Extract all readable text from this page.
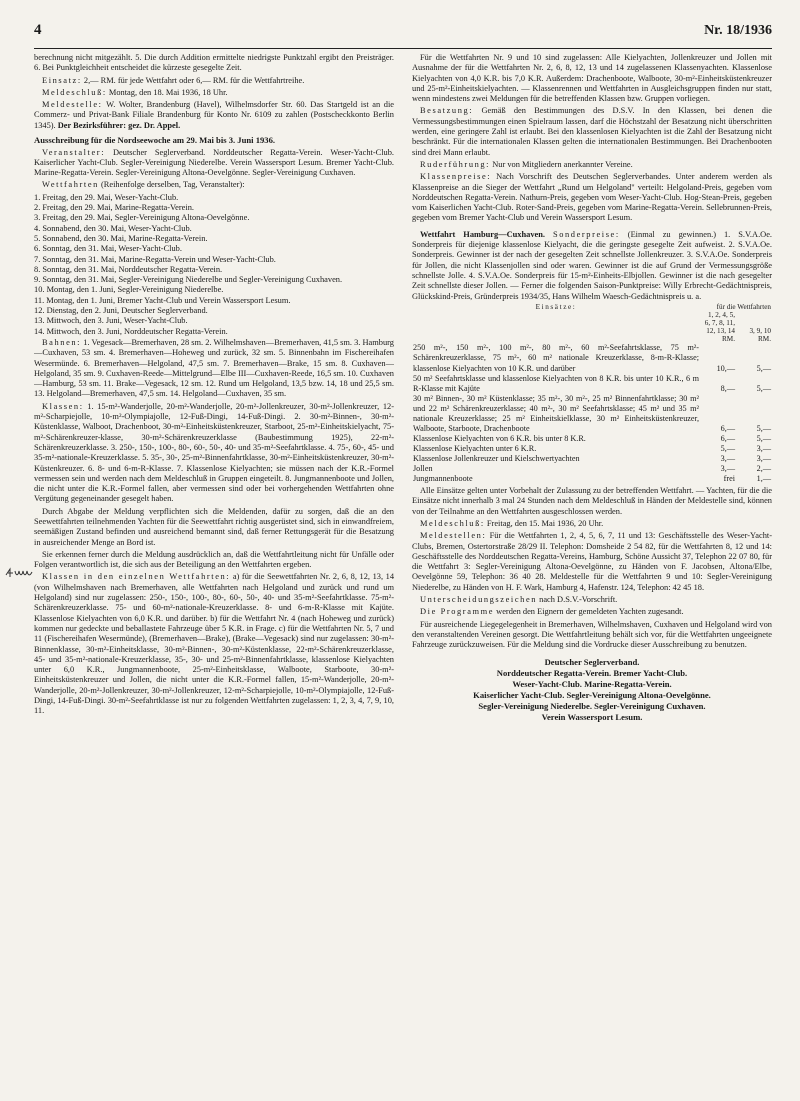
4	Nr. 18/1936

berechnung nicht mitgezählt. 5. Die durch Addition ermittelte niedrigste Punktzahl ergibt den Preisträger. 6. Bei Punktgleichheit entscheidet die kürzeste gesegelte Zeit.

Einsatz: 2,— RM. für jede Wettfahrt oder 6,— RM. für die Wettfahrtreihe.

Meldeschluß: Montag, den 18. Mai 1936, 18 Uhr.

Meldestelle: W. Wolter, Brandenburg (Havel), Wilhelmsdorfer Str. 60. Das Startgeld ist an die Commerz- und Privat-Bank Filiale Brandenburg für Konto Nr. 6109 zu zahlen (Postscheckkonto Berlin 1345). Der Bezirksführer: gez. Dr. Appel.

Ausschreibung für die Nordseewoche am 29. Mai bis 3. Juni 1936.

Veranstalter: Deutscher Seglerverband. Norddeutscher Regatta-Verein. Weser-Yacht-Club. Kaiserlicher Yacht-Club. Segler-Vereinigung Niederelbe. Verein Wassersport Lesum. Bremer Yacht-Club. Marine-Regatta-Verein. Segler-Vereinigung Altona-Oevelgönne. Segler-Vereinigung Cuxhaven.

Wettfahrten (Reihenfolge derselben, Tag, Veranstalter):

1. Freitag, den 29. Mai, Weser-Yacht-Club.
2. Freitag, den 29. Mai, Marine-Regatta-Verein.
3. Freitag, den 29. Mai, Segler-Vereinigung Altona-Oevelgönne.
4. Sonnabend, den 30. Mai, Weser-Yacht-Club.
5. Sonnabend, den 30. Mai, Marine-Regatta-Verein.
6. Sonntag, den 31. Mai, Weser-Yacht-Club.
7. Sonntag, den 31. Mai, Marine-Regatta-Verein und Weser-Yacht-Club.
8. Sonntag, den 31. Mai, Norddeutscher Regatta-Verein.
9. Sonntag, den 31. Mai, Segler-Vereinigung Niederelbe und Segler-Vereinigung Cuxhaven.
10. Montag, den 1. Juni, Segler-Vereinigung Niederelbe.
11. Montag, den 1. Juni, Bremer Yacht-Club und Verein Wassersport Lesum.
12. Dienstag, den 2. Juni, Deutscher Seglerverband.
13. Mittwoch, den 3. Juni, Weser-Yacht-Club.
14. Mittwoch, den 3. Juni, Norddeutscher Regatta-Verein.

Bahnen: 1. Vegesack—Bremerhaven, 28 sm. 2. Wilhelmshaven—Bremerhaven, 41,5 sm. 3. Hamburg—Cuxhaven, 53 sm. 4. Bremerhaven—Hoheweg und zurück, 32 sm. 5. Binnenbahn im Fischereihafen Wesermünde. 6. Bremerhaven—Helgoland, 47,5 sm. 7. Bremerhaven—Brake, 15 sm. 8. Cuxhaven—Helgoland, 35 sm. 9. Cuxhaven-Reede—Mittelgrund—Elbe III—Cuxhaven-Reede, 16,5 sm. 10. Cuxhaven—Hamburg, 53 sm. 11. Brake—Vegesack, 12 sm. 12. Rund um Helgoland, 13,5 bzw. 14, 18 und 25,5 sm. 13. Helgoland—Bremerhaven, 47,5 sm. 14. Helgoland—Cuxhaven, 35 sm.

Klassen: 1. 15-m²-Wanderjolle, 20-m²-Wanderjolle, 20-m²-Jollenkreuzer, 30-m²-Jollenkreuzer, 12-m²-Scharpiejolle, 10-m²-Olympiajolle, 12-Fuß-Dingi, 14-Fuß-Dingi. 2. 30-m²-Binnen-, 30-m²-Küstenklasse, Walboot, Drachenboot, 30-m²-Einheitsküstenkreuzer, Starboot, 25-m²-Einheitskielyacht, 75-m²-Schärenkreuzer-klasse, 30-m²-Schärenkreuzerklasse (Baubestimmung 1925), 22-m²-Schärenkreuzerklasse. 3. 250-, 150-, 100-, 80-, 60-, 50-, 40- und 35-m²-Seefahrtklasse. 4. 75-, 60-, 45- und 35-m²-nationale-Kreuzerklasse. 5. 35-, 30-, 25-m²-Binnenfahrtklasse, 30-m²-Einheitsküstenkreuzer, 30-m²-Küstenkreuzer. 6. 8- und 6-m-R-Klasse. 7. Klassenlose Kielyachten; sie müssen nach der K.R.-Formel vermessen sein und werden nach dem Meldeschluß in Gruppen eingeteilt. 8. Jungmannenboote und Jollen, die nicht unter die K.R.-Formel fallen, aber vermessen sind oder bei vorhergehenden Wettfahrten ohne Vergütung gegeneinander gesegelt haben.

Durch Abgabe der Meldung verpflichten sich die Meldenden, dafür zu sorgen, daß die an den Seewettfahrten teilnehmenden Yachten für die Seewettfahrt richtig ausgerüstet sind, sich in einwandfreiem, seemäßigen Zustand befinden und ausreichend bemannt sind, daß ferner Rettungsgerät für die Besatzung in ausreichender Menge an Bord ist.

Sie erkennen ferner durch die Meldung ausdrücklich an, daß die Wettfahrtleitung nicht für Unfälle oder Folgen verantwortlich ist, die sich aus der Beteiligung an den Wettfahrten ergeben.

Klassen in den einzelnen Wettfahrten: a) für die Seewettfahrten Nr. 2, 6, 8, 12, 13, 14 (von Wilhelmshaven nach Bremerhaven, alle Wettfahrten nach Helgoland und zurück und rund um Helgoland) sind nur zugelassen: 250-, 150-, 100-, 80-, 60-, 50-, 40- und 35-m²-Seefahrtklasse. 75-m²-Schärenkreuzerklasse. 75- und 60-m²-nationale-Kreuzerklasse. 8- und 6-m-R-Klasse mit Kajüte. Klassenlose Kielyachten von 6,0 K.R. und darüber. b) für die Wettfahrt Nr. 4 (nach Hoheweg und zurück) kommen nur gedeckte und beballastete Fahrzeuge über 5 K.R. in Frage. c) für die Wettfahrten Nr. 5, 7 und 11 (Fischereihafen Wesermünde), (Bremerhaven—Brake), (Brake—Vegesack) sind nur zugelassen: 30-m²-Binnenklasse, 30-m²-Einheitsklasse, 30-m²-Binnen-, 30-m²-Küstenklasse, 22-m²-Schärenkreuzerklasse, 45- und 35-m²-nationale-Kreuzerklasse, 35-, 30- und 25-m²-Binnenfahrtklasse, klassenlose Kielyachten unter 6,0 K.R., Jungmannenboote, 25-m²-Einheitsklasse, Walboote, Starboote, 30-m²-Einheitsküstenkreuzer und Jollen, die nicht unter die K.R.-Formel fallen, 15-m²-Wanderjolle, 20-m²-Wanderjolle, 20-m²-Jollenkreuzer, 30-m²-Jollenkreuzer, 12-m²-Scharpiejolle, 10-m²-Olympiajolle, 12-Fuß-Dingi, 14-Fuß-Dingi. 30-m²-Seefahrtklasse ist nur zu folgenden Wettfahrten zugelassen: 1, 2, 3, 4, 7, 9, 10, 11.

Für die Wettfahrten Nr. 9 und 10 sind zugelassen: Alle Kielyachten, Jollenkreuzer und Jollen mit Ausnahme der für die Wettfahrten Nr. 2, 6, 8, 12, 13 und 14 zugelassenen Klassenyachten. Klassenlose Kielyachten von 4,0 K.R. bis 7,0 K.R. Außerdem: Drachenboote, Walboote, 30-m²-Einheitsküstenkreuzer und 25-m²-Einheitskielyachten. — Klassenrennen und Wettfahrten in Ausgleichsgruppen finden nur statt, wenn mindestens zwei Meldungen für die betreffenden Klassen bzw. Gruppen vorliegen.

Besatzung: Gemäß den Bestimmungen des D.S.V. In den Klassen, bei denen die Vermessungsbestimmungen einen Spielraum lassen, darf die Höchstzahl der Besatzung nicht überschritten werden, eine geringere Zahl ist erlaubt. Bei den klassenlosen Kielyachten ist die Zahl der Besatzung nicht beschränkt. Für die internationalen Klassen gelten die internationalen Bestimmungen. Bei Drachenbooten sind drei Mann erlaubt.

Ruderführung: Nur von Mitgliedern anerkannter Vereine.

Klassenpreise: Nach Vorschrift des Deutschen Seglerverbandes. Unter anderem werden als Klassenpreise an die Sieger der Wettfahrt „Rund um Helgoland" verteilt: Helgoland-Preis, gegeben vom Norddeutschen Regatta-Verein. Nathurn-Preis, gegeben vom Weser-Yacht-Club. Hog-Stean-Preis, gegeben vom Kaiserlichen Yacht-Club. Roter-Sand-Preis, gegeben vom Marine-Regatta-Verein. Sellebrunnen-Preis, gegeben vom Bremer Yacht-Club und Verein Wassersport Lesum.

Wettfahrt Hamburg—Cuxhaven. Sonderpreise: (Einmal zu gewinnen.) 1. S.V.A.Oe. Sonderpreis für diejenige klassenlose Kielyacht, die die geringste gesegelte Zeit aufweist. 2. S.V.A.Oe. Sonderpreis. Gewinner ist der nach der gesegelten Zeit schnellste Jollenkreuzer. 3. S.V.A.Oe. Sonderpreis für Jollen, die nicht Klassenjollen sind oder waren. Gewinner ist die auf Grund der Vermessungsgröße schnellste Jolle. 4. S.V.A.Oe. Sonderpreis für 15-m²-Einheits-Elbjollen. Gewinner ist die nach gesegelter Zeit schnellste dieser Jollen. — Ferner die folgenden Saison-Punktpreise: Willy Erbrecht-Gedächtnispreis, Glückskind-Preis, Gründerpreis 1934/35, Hans Wilhelm Waesch-Gedächtnispreis u. a.

Einsätze:	für die Wettfahrten	
	1, 2, 4, 5, 6, 7, 8, 11, 12, 13, 14	3, 9, 10
	RM.	RM.
250 m²-, 150 m²-, 100 m²-, 80 m²-, 60 m²-Seefahrtsklasse, 75 m²-Schärenkreuzerklasse, 75 m²-, 60 m² nationale Kreuzerklasse, 8-m-R-Klasse; klassenlose Kielyachten von 10 K.R. und darüber	10,—	5,—
50 m² Seefahrtsklasse und klassenlose Kielyachten von 8 K.R. bis unter 10 K.R., 6 m R-Klasse mit Kajüte	8,—	5,—
30 m² Binnen-, 30 m² Küstenklasse; 35 m²-, 30 m²-, 25 m² Binnenfahrtklasse; 30 m² und 22 m² Schärenkreuzerklasse; 40 m²-, 30 m² Seefahrtsklasse; 45 m² und 35 m² nationale Kreuzerklasse; 25 m² Einheitskielklasse, 30 m² Einheitsküstenkreuzer, Walboote, Starboote, Drachenboote	6,—	5,—
Klassenlose Kielyachten von 6 K.R. bis unter 8 K.R.	6,—	5,—
Klassenlose Kielyachten unter 6 K.R.	5,—	3,—
Klassenlose Jollenkreuzer und Kielschwertyachten	3,—	3,—
Jollen	3,—	2,—
Jungmannenboote	frei	1,—

Alle Einsätze gelten unter Vorbehalt der Zulassung zu der betreffenden Wettfahrt. — Yachten, für die die Einsätze nicht innerhalb 3 mal 24 Stunden nach dem Meldeschluß in Händen der Meldestelle sind, können von der Teilnahme an den Wettfahrten ausgeschlossen werden.

Meldeschluß: Freitag, den 15. Mai 1936, 20 Uhr.

Meldestellen: Für die Wettfahrten 1, 2, 4, 5, 6, 7, 11 und 13: Geschäftsstelle des Weser-Yacht-Clubs, Bremen, Ostertorstraße 28/29 II. Telephon: Domsheide 2 54 82, für die Wettfahrten 8, 12 und 14: Geschäftsstelle des Norddeutschen Regatta-Vereins, Hamburg, Schöne Aussicht 37, Telephon 22 07 80, für die Wettfahrt 3: Segler-Vereinigung Altona-Oevelgönne, zu Händen von F. Jacobsen, Altona/Elbe, Oevelgönne 59, Telephon: 36 40 28. Meldestelle für die Wettfahrten 9 und 10: Segler-Vereinigung Niederelbe, zu Händen von H. F. Wark, Hamburg 4, Hafenstr. 124, Telephon: 42 45 18.

Unterscheidungszeichen nach D.S.V.-Vorschrift.

Die Programme werden den Eignern der gemeldeten Yachten zugesandt.

Für ausreichende Liegegelegenheit in Bremerhaven, Wilhelmshaven, Cuxhaven und Helgoland wird von den veranstaltenden Vereinen gesorgt. Die Wettfahrtleitung behält sich vor, für die Wettfahrten ungeeignete Fahrzeuge zurückzuweisen. Für die Meldung sind die Vordrucke dieser Ausschreibung zu benutzen.

Deutscher Seglerverband.
Norddeutscher Regatta-Verein. Bremer Yacht-Club.
Weser-Yacht-Club. Marine-Regatta-Verein.
Kaiserlicher Yacht-Club. Segler-Vereinigung Altona-Oevelgönne.
Segler-Vereinigung Niederelbe. Segler-Vereinigung Cuxhaven.
Verein Wassersport Lesum.
